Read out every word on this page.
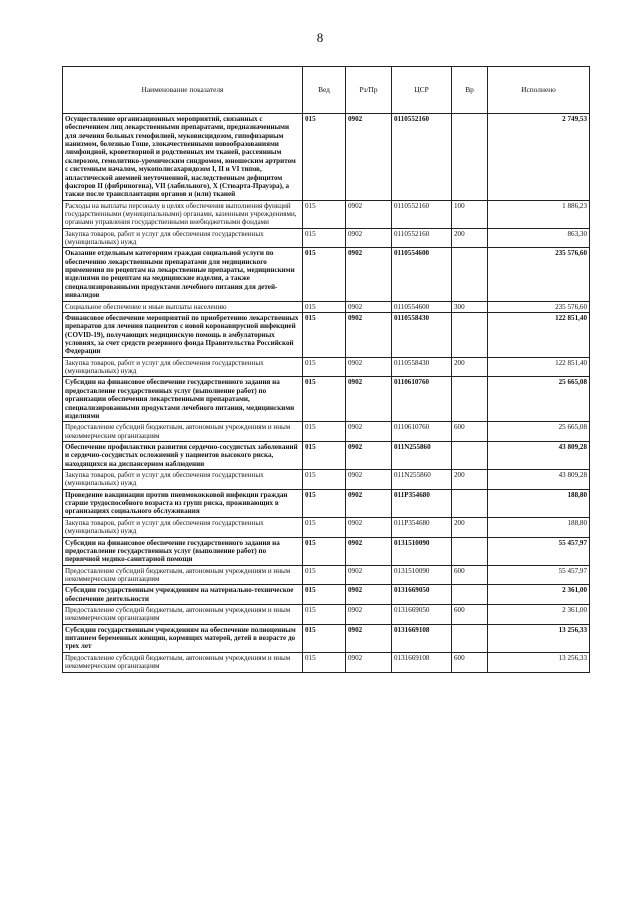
8
Наименование показателя	Вед	Рз/Пр	ЦСР	Вр	Исполнено
Осуществление организационных мероприятий, связанных с обеспечением лиц лекарственными препаратами, предназначенными для лечения больных гемофилией, муковисцидозом, гипофизарным нанизмом, болезнью Гоше, злокачественными новообразованиями лимфоидной, кроветворной и родственных им тканей, рассеянным склерозом, гемолитико-уремическим синдромом, юношеским артритом с системным началом, мукополисахаридозом I, II и VI типов, апластической анемией неуточненной, наследственным дефицитом факторов II (фибриногена), VII (лабильного), X (Стюарта-Прауэра), а также после трансплантации органов и (или) тканей	015	0902	0110552160		2 749,53
Расходы на выплаты персоналу в целях обеспечения выполнения функций государственными (муниципальными) органами, казенными учреждениями, органами управления государственными внебюджетными фондами	015	0902	0110552160	100	1 886,23
Закупка товаров, работ и услуг для обеспечения государственных (муниципальных) нужд	015	0902	0110552160	200	863,30
Оказание отдельным категориям граждан социальной услуги по обеспечению лекарственными препаратами для медицинского применения по рецептам на лекарственные препараты, медицинскими изделиями по рецептам на медицинские изделия, а также специализированными продуктами лечебного питания для детей-инвалидов	015	0902	0110554600		235 576,60
Социальное обеспечение и иные выплаты населению	015	0902	0110554600	300	235 576,60
Финансовое обеспечение мероприятий по приобретению лекарственных препаратов для лечения пациентов с новой коронавирусной инфекцией (COVID-19), получающих медицинскую помощь в амбулаторных условиях, за счет средств резервного фонда Правительства Российской Федерации	015	0902	0110558430		122 851,40
Закупка товаров, работ и услуг для обеспечения государственных (муниципальных) нужд	015	0902	0110558430	200	122 851,40
Субсидии на финансовое обеспечение государственного задания на предоставление государственных услуг (выполнение работ) по организации обеспечения лекарственными препаратами, специализированными продуктами лечебного питания, медицинскими изделиями	015	0902	0110610760		25 665,08
Предоставление субсидий бюджетным, автономным учреждениям и иным некоммерческим организациям	015	0902	0110610760	600	25 665,08
Обеспечение профилактики развития сердечно-сосудистых заболеваний и сердечно-сосудистых осложнений у пациентов высокого риска, находящихся на диспансерном наблюдении	015	0902	011N255860		43 809,28
Закупка товаров, работ и услуг для обеспечения государственных (муниципальных) нужд	015	0902	011N255860	200	43 809,28
Проведение вакцинации против пневмококковой инфекции граждан старше трудоспособного возраста из групп риска, проживающих в организациях социального обслуживания	015	0902	011P354680		188,80
Закупка товаров, работ и услуг для обеспечения государственных (муниципальных) нужд	015	0902	011P354680	200	188,80
Субсидии на финансовое обеспечение государственного задания на предоставление государственных услуг (выполнение работ) по первичной медико-санитарной помощи	015	0902	0131510090		55 457,97
Предоставление субсидий бюджетным, автономным учреждениям и иным некоммерческим организациям	015	0902	0131510090	600	55 457,97
Субсидии государственным учреждениям на материально-техническое обеспечение деятельности	015	0902	0131669050		2 361,00
Предоставление субсидий бюджетным, автономным учреждениям и иным некоммерческим организациям	015	0902	0131669050	600	2 361,00
Субсидии государственным учреждениям на обеспечение полноценным питанием беременных женщин, кормящих матерей, детей в возрасте до трех лет	015	0902	0131669108		13 256,33
Предоставление субсидий бюджетным, автономным учреждениям и иным некоммерческим организациям	015	0902	0131669108	600	13 256,33
